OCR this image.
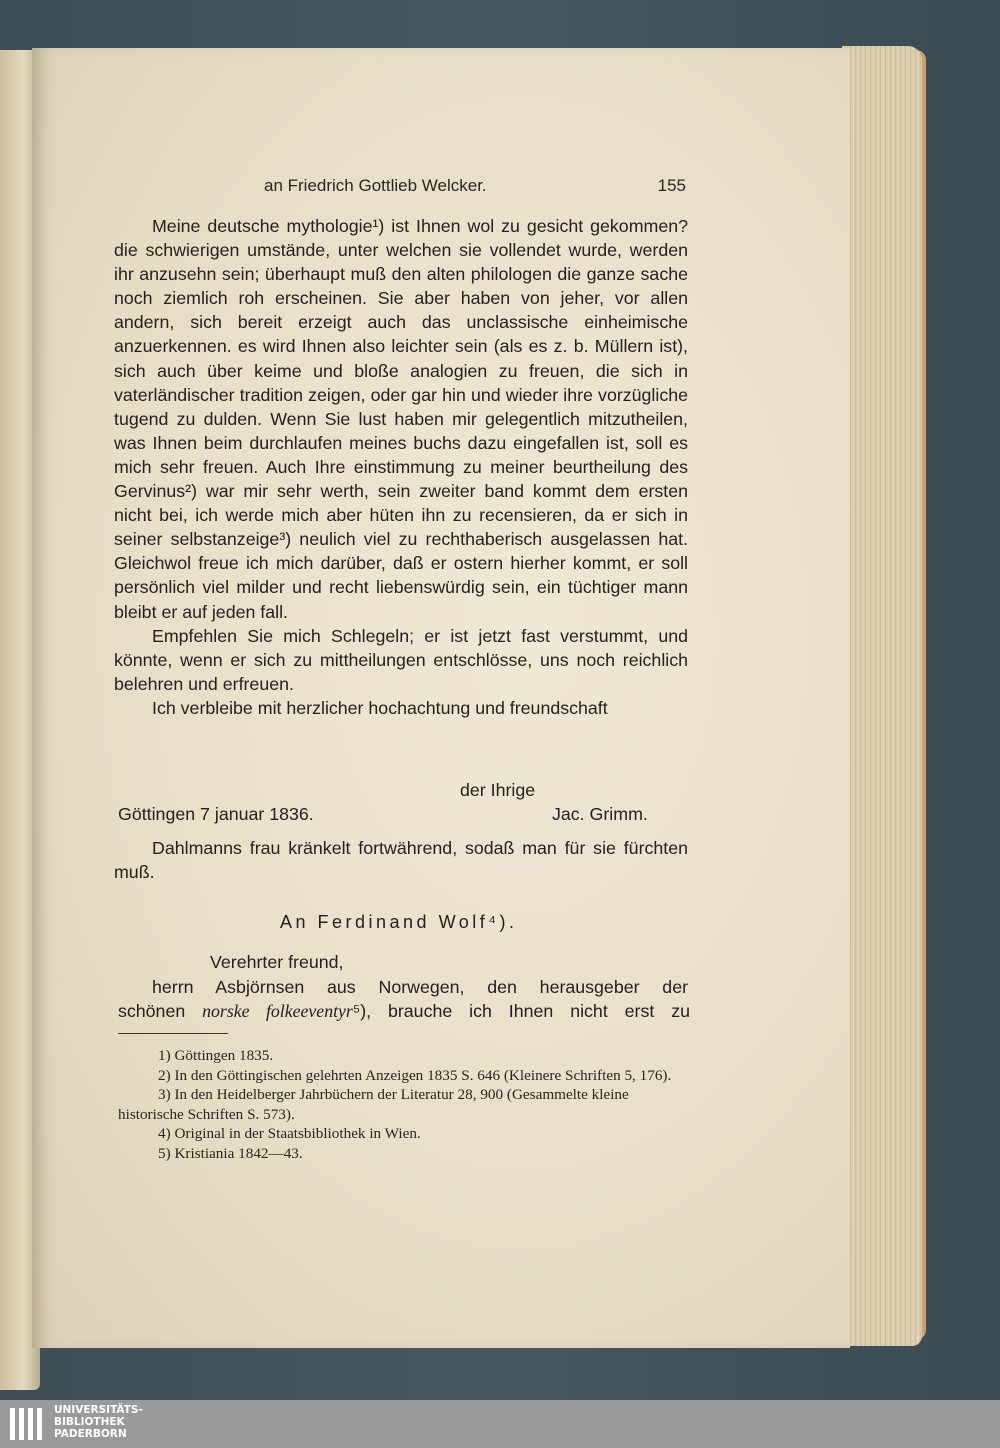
an Friedrich Gottlieb Welcker.	155

Meine deutsche mythologie¹) ist Ihnen wol zu gesicht gekommen? die schwierigen umstände, unter welchen sie vollendet wurde, werden ihr anzusehn sein; überhaupt muß den alten philologen die ganze sache noch ziemlich roh erscheinen. Sie aber haben von jeher, vor allen andern, sich bereit erzeigt auch das unclassische einheimische anzuerkennen. es wird Ihnen also leichter sein (als es z. b. Müllern ist), sich auch über keime und bloße analogien zu freuen, die sich in vaterländischer tradition zeigen, oder gar hin und wieder ihre vorzügliche tugend zu dulden. Wenn Sie lust haben mir gelegentlich mitzutheilen, was Ihnen beim durchlaufen meines buchs dazu eingefallen ist, soll es mich sehr freuen. Auch Ihre einstimmung zu meiner beurtheilung des Gervinus²) war mir sehr werth, sein zweiter band kommt dem ersten nicht bei, ich werde mich aber hüten ihn zu recensieren, da er sich in seiner selbstanzeige³) neulich viel zu rechthaberisch ausgelassen hat. Gleichwol freue ich mich darüber, daß er ostern hierher kommt, er soll persönlich viel milder und recht liebenswürdig sein, ein tüchtiger mann bleibt er auf jeden fall.

Empfehlen Sie mich Schlegeln; er ist jetzt fast verstummt, und könnte, wenn er sich zu mittheilungen entschlösse, uns noch reichlich belehren und erfreuen.

Ich verbleibe mit herzlicher hochachtung und freundschaft

der Ihrige
Göttingen 7 januar 1836.	Jac. Grimm.
Dahlmanns frau kränkelt fortwährend, sodaß man für sie fürchten muß.
An Ferdinand Wolf⁴).
Verehrter freund,
herrn Asbjörnsen aus Norwegen, den herausgeber der
schönen norske folkeeventyr⁵), brauche ich Ihnen nicht erst zu

1) Göttingen 1835.

2) In den Göttingischen gelehrten Anzeigen 1835 S. 646 (Kleinere Schriften 5, 176).

3) In den Heidelberger Jahrbüchern der Literatur 28, 900 (Gesammelte kleine historische Schriften S. 573).

4) Original in der Staatsbibliothek in Wien.

5) Kristiania 1842—43.

UNIVERSITÄTS-
BIBLIOTHEK
PADERBORN
